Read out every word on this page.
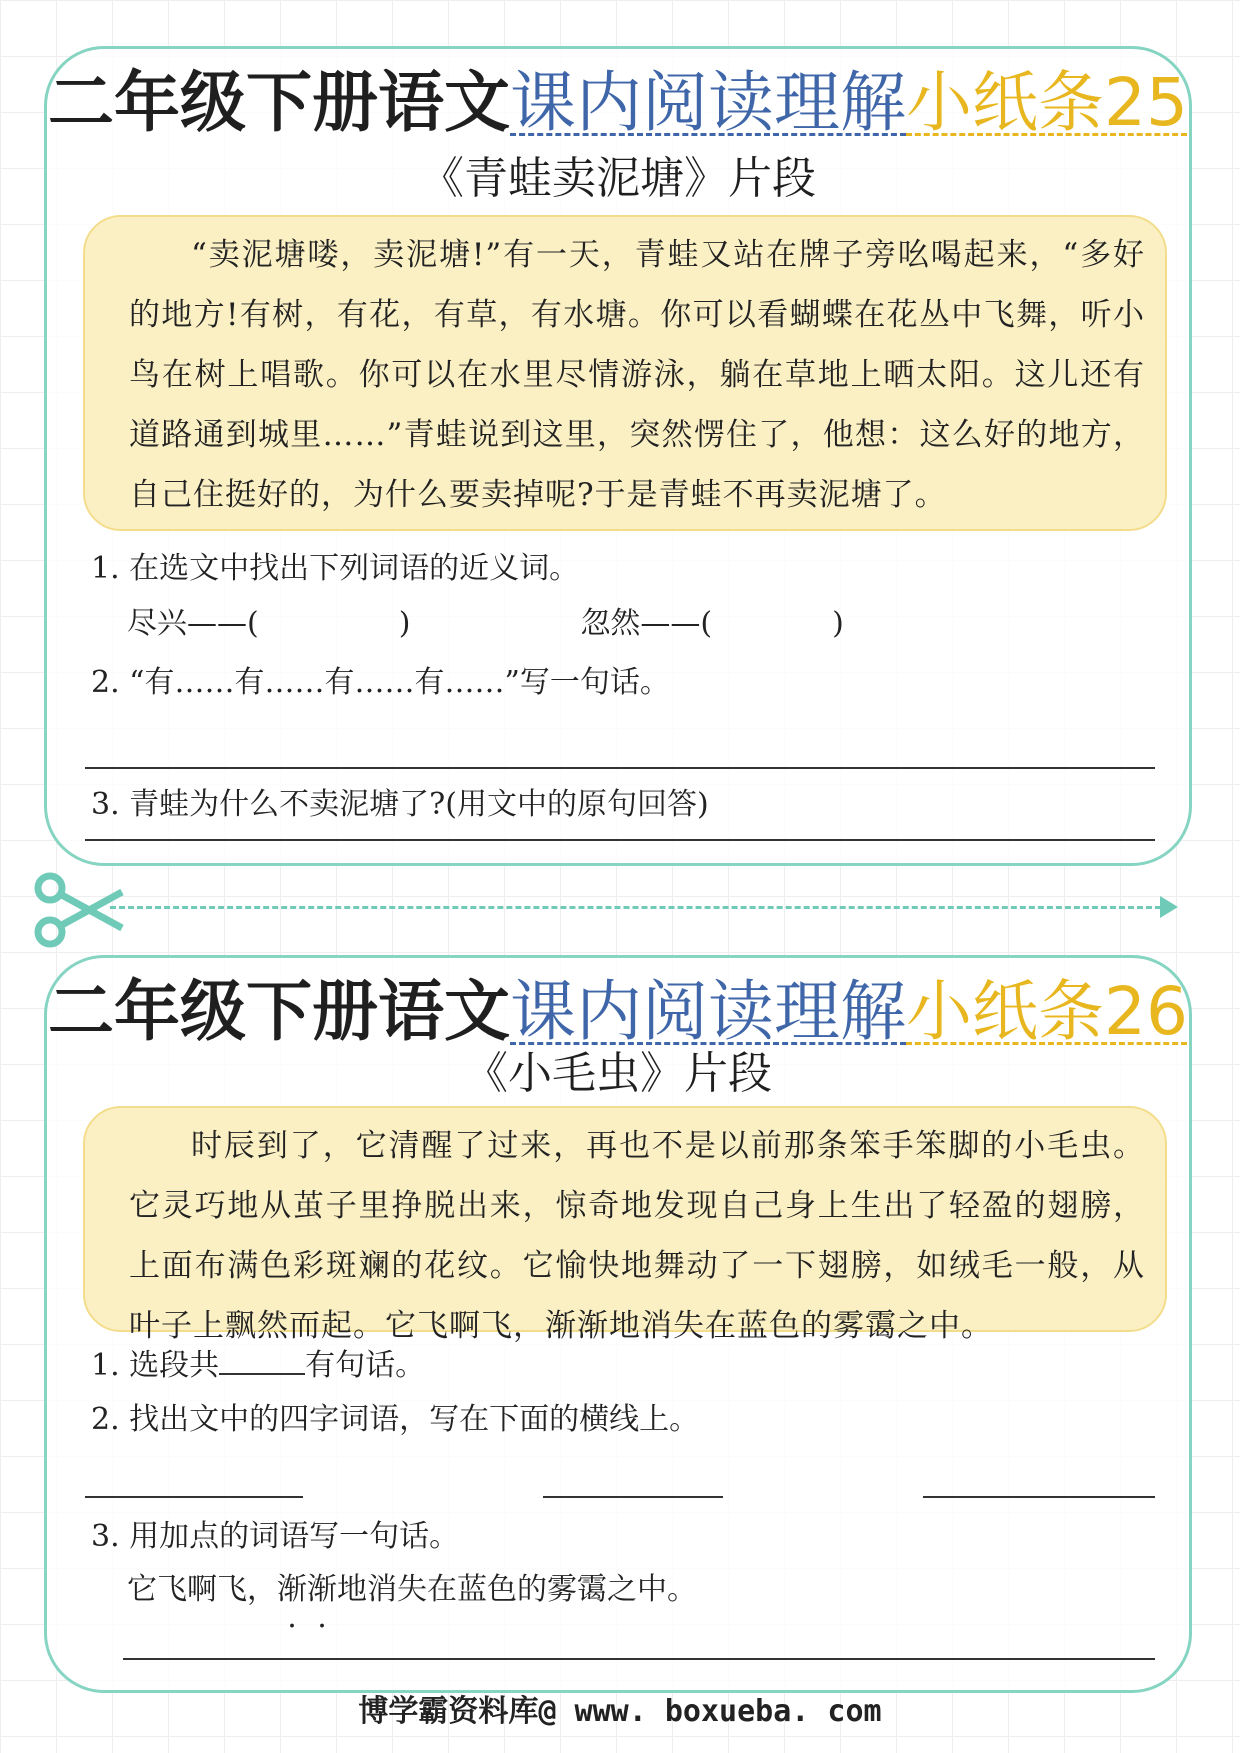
二年级下册语文课内阅读理解小纸条25
《青蛙卖泥塘》片段

“卖泥塘喽，卖泥塘!”有一天，青蛙又站在牌子旁吆喝起来，“多好的地方!有树，有花，有草，有水塘。你可以看蝴蝶在花丛中飞舞，听小鸟在树上唱歌。你可以在水里尽情游泳，躺在草地上晒太阳。这儿还有道路通到城里……”青蛙说到这里，突然愣住了，他想：这么好的地方，自己住挺好的，为什么要卖掉呢?于是青蛙不再卖泥塘了。

1. 在选文中找出下列词语的近义词。
尽兴——(	)	忽然——(	)
2. “有……有……有……有……”写一句话。
3. 青蛙为什么不卖泥塘了?(用文中的原句回答)
二年级下册语文课内阅读理解小纸条26
《小毛虫》片段

时辰到了，它清醒了过来，再也不是以前那条笨手笨脚的小毛虫。它灵巧地从茧子里挣脱出来，惊奇地发现自己身上生出了轻盈的翅膀，上面布满色彩斑斓的花纹。它愉快地舞动了一下翅膀，如绒毛一般，从叶子上飘然而起。它飞啊飞，渐渐地消失在蓝色的雾霭之中。

1. 选段共	有句话。
2. 找出文中的四字词语，写在下面的横线上。
3. 用加点的词语写一句话。
它飞啊飞，渐渐地消失在蓝色的雾霭之中。
博学霸资料库@ www. boxueba. com
